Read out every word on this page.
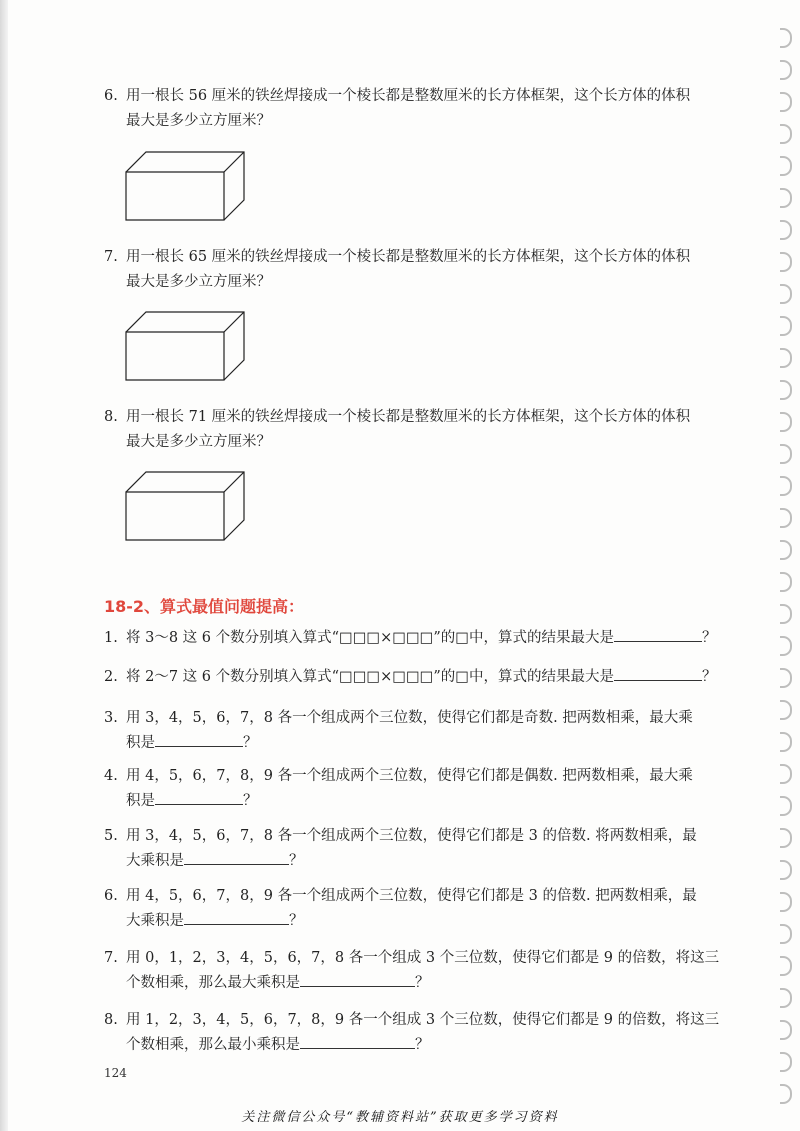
6. 用一根长 56 厘米的铁丝焊接成一个棱长都是整数厘米的长方体框架，这个长方体的体积
最大是多少立方厘米？
7. 用一根长 65 厘米的铁丝焊接成一个棱长都是整数厘米的长方体框架，这个长方体的体积
最大是多少立方厘米？
8. 用一根长 71 厘米的铁丝焊接成一个棱长都是整数厘米的长方体框架，这个长方体的体积
最大是多少立方厘米？
18-2、算式最值问题提高：
1. 将 3～8 这 6 个数分别填入算式“□□□×□□□”的□中，算式的结果最大是	？
2. 将 2～7 这 6 个数分别填入算式“□□□×□□□”的□中，算式的结果最大是	？
3. 用 3，4，5，6，7，8 各一个组成两个三位数，使得它们都是奇数. 把两数相乘，最大乘
积是	？
4. 用 4，5，6，7，8，9 各一个组成两个三位数，使得它们都是偶数. 把两数相乘，最大乘
积是	？
5. 用 3，4，5，6，7，8 各一个组成两个三位数，使得它们都是 3 的倍数. 将两数相乘，最
大乘积是	？
6. 用 4，5，6，7，8，9 各一个组成两个三位数，使得它们都是 3 的倍数. 把两数相乘，最
大乘积是	？
7. 用 0，1，2，3，4，5，6，7，8 各一个组成 3 个三位数，使得它们都是 9 的倍数，将这三
个数相乘，那么最大乘积是	？
8. 用 1，2，3，4，5，6，7，8，9 各一个组成 3 个三位数，使得它们都是 9 的倍数，将这三
个数相乘，那么最小乘积是	？
124
关注微信公众号“教辅资料站”获取更多学习资料
